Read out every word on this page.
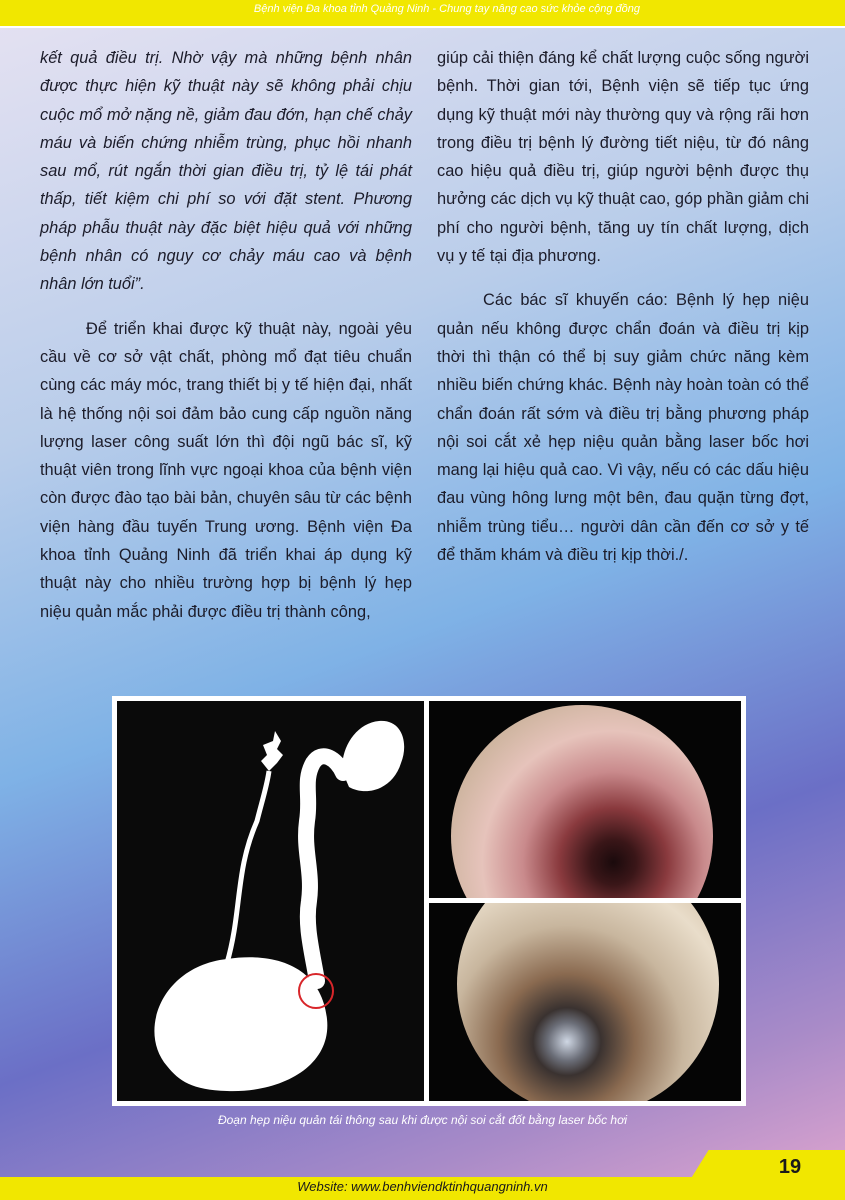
Bệnh viện Đa khoa tỉnh Quảng Ninh - Chung tay nâng cao sức khỏe cộng đồng

kết quả điều trị. Nhờ vậy mà những bệnh nhân được thực hiện kỹ thuật này sẽ không phải chịu cuộc mổ mở nặng nề, giảm đau đớn, hạn chế chảy máu và biến chứng nhiễm trùng, phục hồi nhanh sau mổ, rút ngắn thời gian điều trị, tỷ lệ tái phát thấp, tiết kiệm chi phí so với đặt stent. Phương pháp phẫu thuật này đặc biệt hiệu quả với những bệnh nhân có nguy cơ chảy máu cao và bệnh nhân lớn tuổi”.

Để triển khai được kỹ thuật này, ngoài yêu cầu về cơ sở vật chất, phòng mổ đạt tiêu chuẩn cùng các máy móc, trang thiết bị y tế hiện đại, nhất là hệ thống nội soi đảm bảo cung cấp nguồn năng lượng laser công suất lớn thì đội ngũ bác sĩ, kỹ thuật viên trong lĩnh vực ngoại khoa của bệnh viện còn được đào tạo bài bản, chuyên sâu từ các bệnh viện hàng đầu tuyến Trung ương. Bệnh viện Đa khoa tỉnh Quảng Ninh đã triển khai áp dụng kỹ thuật này cho nhiều trường hợp bị bệnh lý hẹp niệu quản mắc phải được điều trị thành công,

giúp cải thiện đáng kể chất lượng cuộc sống người bệnh. Thời gian tới, Bệnh viện sẽ tiếp tục ứng dụng kỹ thuật mới này thường quy và rộng rãi hơn trong điều trị bệnh lý đường tiết niệu, từ đó nâng cao hiệu quả điều trị, giúp người bệnh được thụ hưởng các dịch vụ kỹ thuật cao, góp phần giảm chi phí cho người bệnh, tăng uy tín chất lượng, dịch vụ y tế tại địa phương.

Các bác sĩ khuyến cáo: Bệnh lý hẹp niệu quản nếu không được chẩn đoán và điều trị kịp thời thì thận có thể bị suy giảm chức năng kèm nhiều biến chứng khác. Bệnh này hoàn toàn có thể chẩn đoán rất sớm và điều trị bằng phương pháp nội soi cắt xẻ hẹp niệu quản bằng laser bốc hơi mang lại hiệu quả cao. Vì vậy, nếu có các dấu hiệu đau vùng hông lưng một bên, đau quặn từng đợt, nhiễm trùng tiểu… người dân cần đến cơ sở y tế để thăm khám và điều trị kịp thời./.

Đoạn hẹp niệu quản tái thông sau khi được nội soi cắt đốt bằng laser bốc hơi
19
Website: www.benhviendktinhquangninh.vn
